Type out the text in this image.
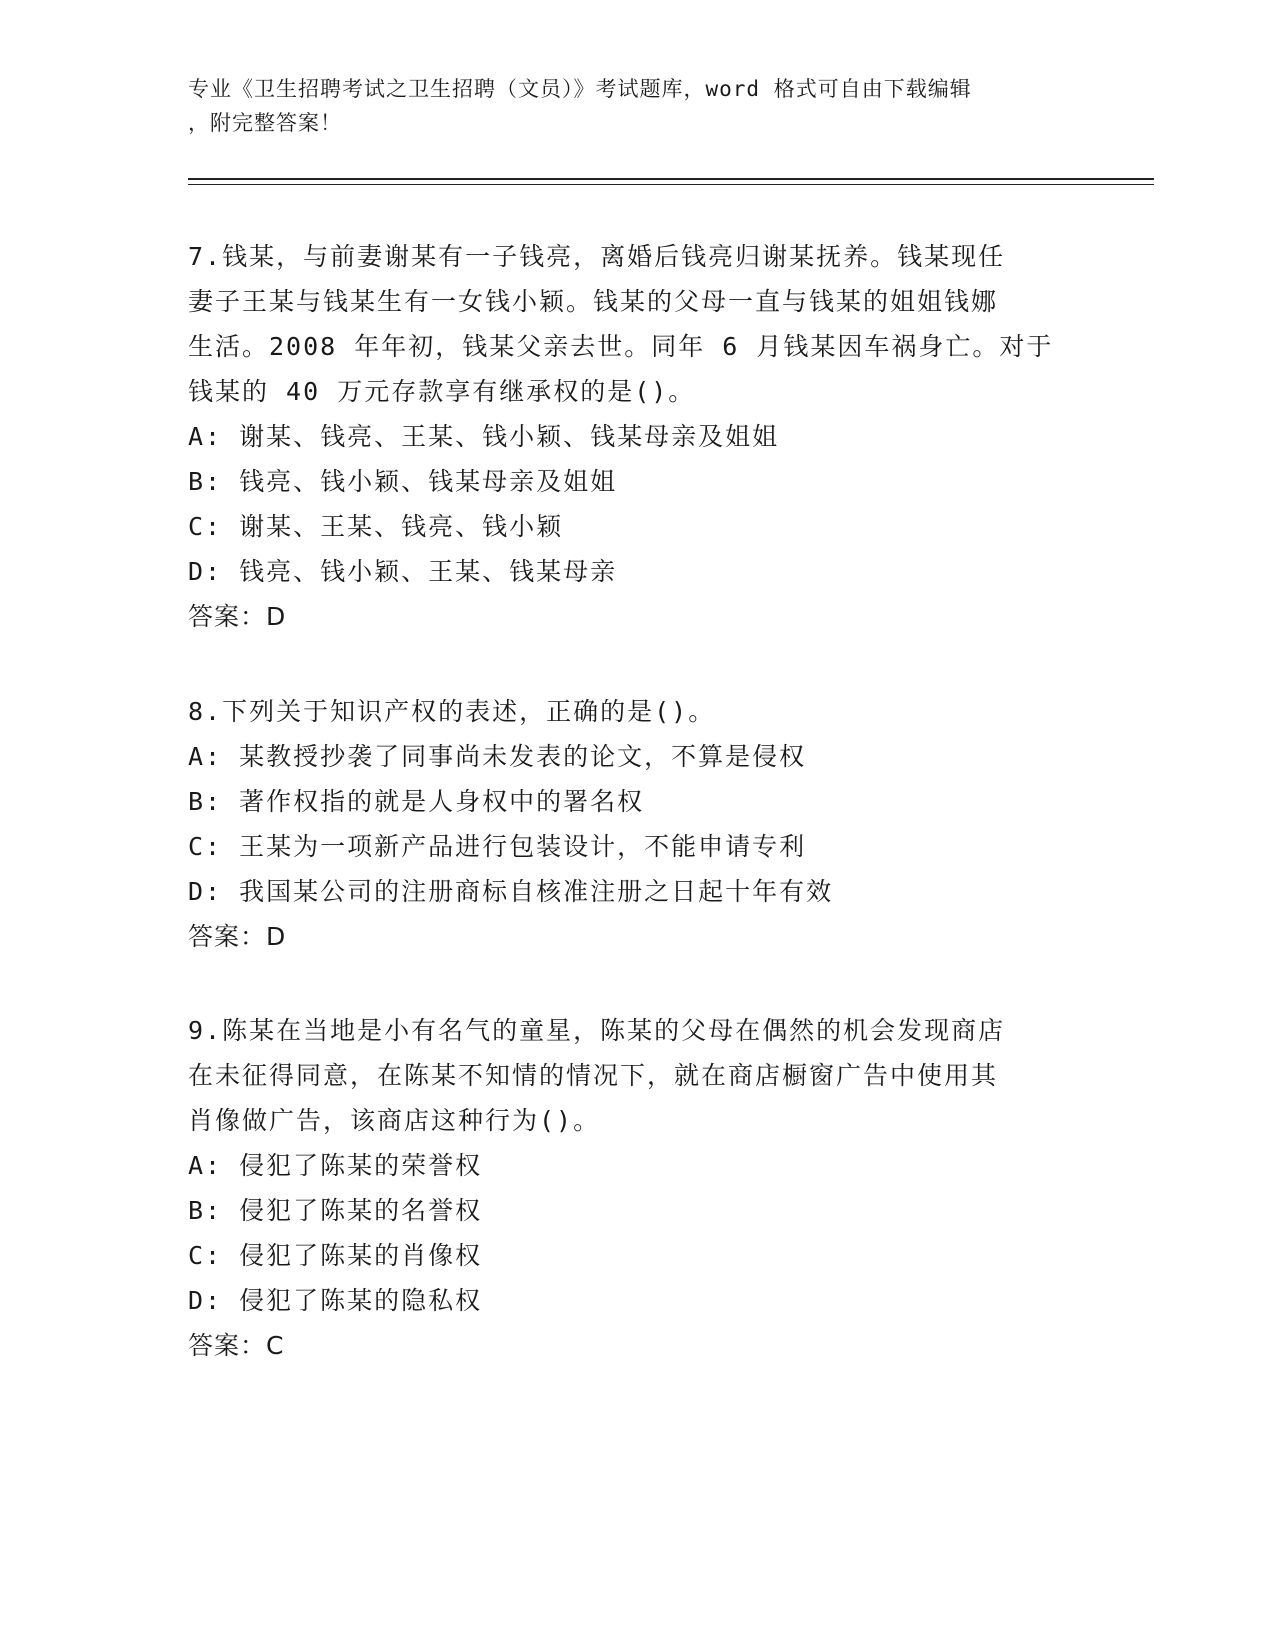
专业《卫生招聘考试之卫生招聘（文员）》考试题库，word 格式可自由下载编辑
，附完整答案！
7.钱某，与前妻谢某有一子钱亮，离婚后钱亮归谢某抚养。钱某现任
妻子王某与钱某生有一女钱小颖。钱某的父母一直与钱某的姐姐钱娜
生活。2008 年年初，钱某父亲去世。同年 6 月钱某因车祸身亡。对于
钱某的 40 万元存款享有继承权的是()。
A: 谢某、钱亮、王某、钱小颖、钱某母亲及姐姐
B: 钱亮、钱小颖、钱某母亲及姐姐
C: 谢某、王某、钱亮、钱小颖
D: 钱亮、钱小颖、王某、钱某母亲
答案：D
8.下列关于知识产权的表述，正确的是()。
A: 某教授抄袭了同事尚未发表的论文，不算是侵权
B: 著作权指的就是人身权中的署名权
C: 王某为一项新产品进行包装设计，不能申请专利
D: 我国某公司的注册商标自核准注册之日起十年有效
答案：D
9.陈某在当地是小有名气的童星，陈某的父母在偶然的机会发现商店
在未征得同意，在陈某不知情的情况下，就在商店橱窗广告中使用其
肖像做广告，该商店这种行为()。
A: 侵犯了陈某的荣誉权
B: 侵犯了陈某的名誉权
C: 侵犯了陈某的肖像权
D: 侵犯了陈某的隐私权
答案：C
